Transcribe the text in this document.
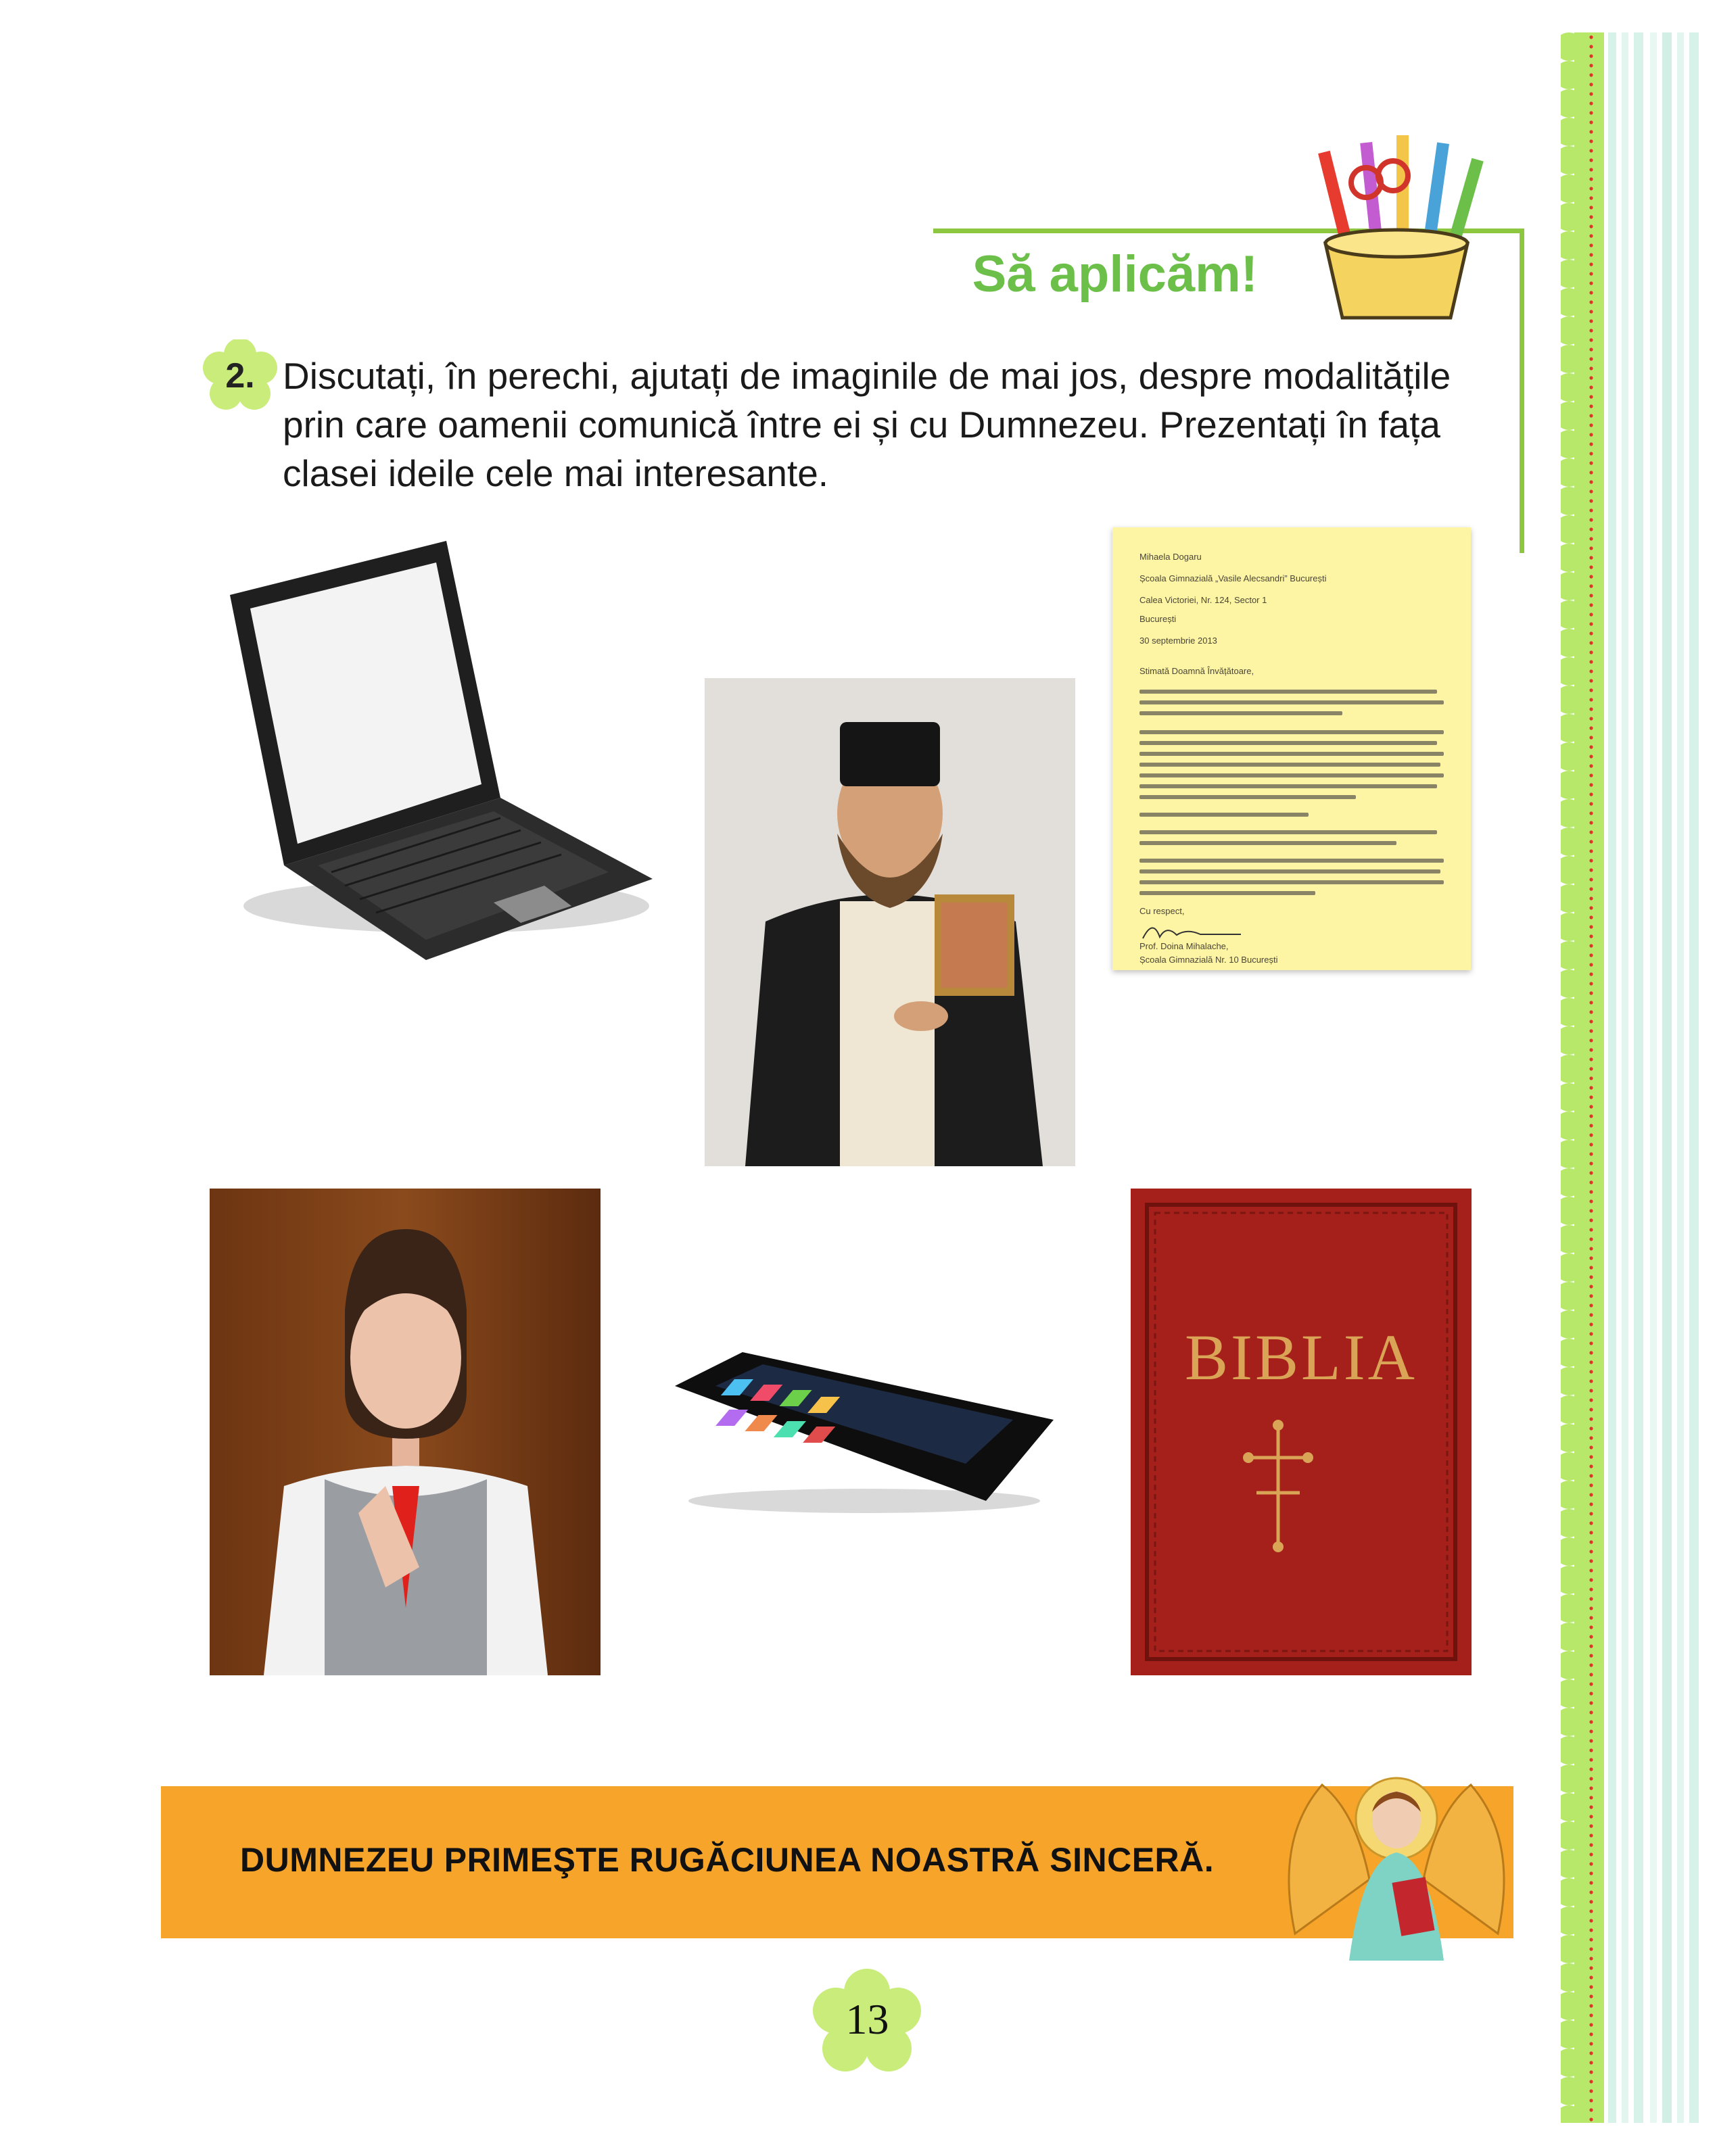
Să aplicăm!
2. Discutați, în perechi, ajutați de imaginile de mai jos, despre modalitățile prin care oamenii comunică între ei și cu Dumnezeu. Prezentați în fața clasei ideile cele mai interesante.
Mihaela Dogaru
Școala Gimnazială „Vasile Alecsandri” București
Calea Victoriei, Nr. 124, Sector 1
București
30 septembrie 2013
Stimată Doamnă Învățătoare,
Cu respect,
Prof. Doina Mihalache,
Școala Gimnazială Nr. 10 București
BIBLIA
DUMNEZEU PRIMEŞTE RUGĂCIUNEA NOASTRĂ SINCERĂ.
13
